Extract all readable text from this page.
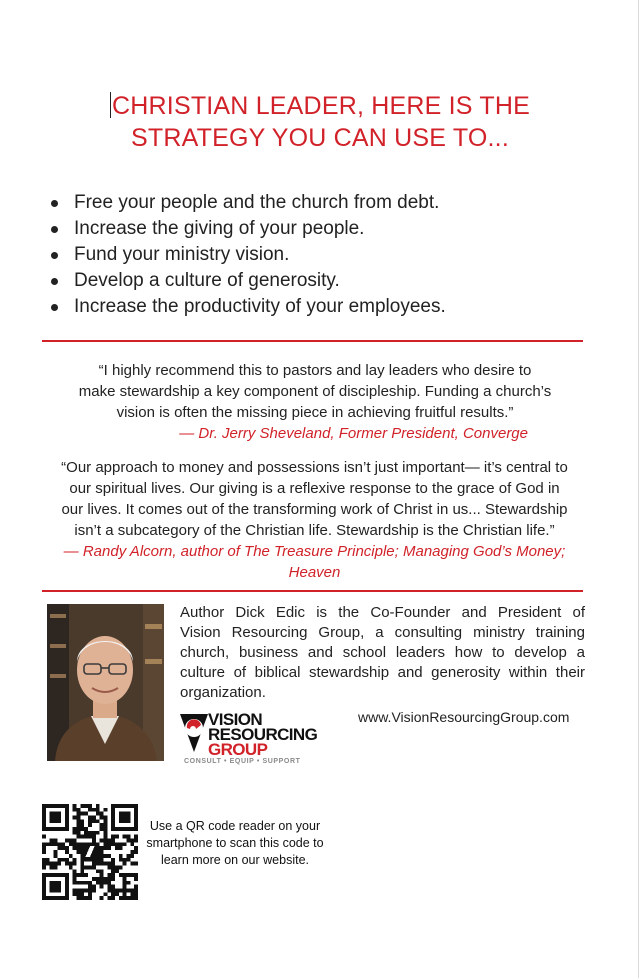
CHRISTIAN LEADER, HERE IS THE
STRATEGY YOU CAN USE TO...
Free your people and the church from debt.
Increase the giving of your people.
Fund your ministry vision.
Develop a culture of generosity.
Increase the productivity of your employees.
“I highly recommend this to pastors and lay leaders who desire to
make stewardship a key component of discipleship. Funding a church’s
vision is often the missing piece in achieving fruitful results.”
— Dr. Jerry Sheveland, Former President, Converge
“Our approach to money and possessions isn’t just important— it’s central to
our spiritual lives. Our giving is a reflexive response to the grace of God in
our lives. It comes out of the transforming work of Christ in us... Stewardship
isn’t a subcategory of the Christian life. Stewardship is the Christian life.”
— Randy Alcorn, author of The Treasure Principle; Managing God’s Money;
Heaven
Author Dick Edic is the Co-Founder and President of
Vision Resourcing Group, a consulting ministry training
church, business and school leaders how to develop a
culture of biblical stewardship and generosity within their
organization.
VISION
RESOURCING
GROUP
CONSULT • EQUIP • SUPPORT
www.VisionResourcingGroup.com
Use a QR code reader on your
smartphone to scan this code to
learn more on our website.
